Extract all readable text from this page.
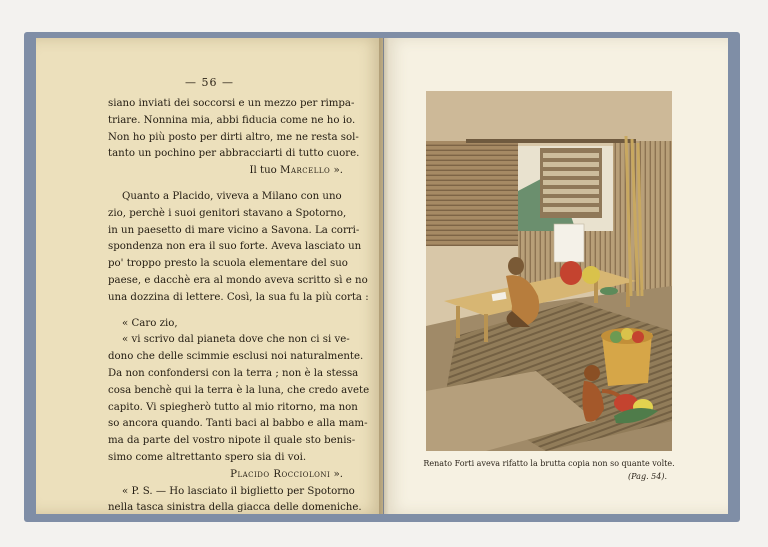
— 56 —
siano inviati dei soccorsi e un mezzo per rimpa-
triare. Nonnina mia, abbi fiducia come ne ho io.
Non ho più posto per dirti altro, me ne resta sol-
tanto un pochino per abbracciarti di tutto cuore.
Il tuo Marcello ».
Quanto a Placido, viveva a Milano con uno
zio, perchè i suoi genitori stavano a Spotorno,
in un paesetto di mare vicino a Savona. La corri-
spondenza non era il suo forte. Aveva lasciato un
po' troppo presto la scuola elementare del suo
paese, e dacchè era al mondo aveva scritto sì e no
una dozzina di lettere. Così, la sua fu la più corta :
« Caro zio,
« vi scrivo dal pianeta dove che non ci si ve-
dono che delle scimmie esclusi noi naturalmente.
Da non confondersi con la terra ; non è la stessa
cosa benchè qui la terra è la luna, che credo avete
capito. Vi spiegherò tutto al mio ritorno, ma non
so ancora quando. Tanti baci al babbo e alla mam-
ma da parte del vostro nipote il quale sto benis-
simo come altrettanto spero sia di voi.
Placido Roccioloni ».
« P. S. — Ho lasciato il biglietto per Spotorno
nella tasca sinistra della giacca delle domeniche.
Renato Forti aveva rifatto la brutta copia non so quante volte.
(Pag. 54).
